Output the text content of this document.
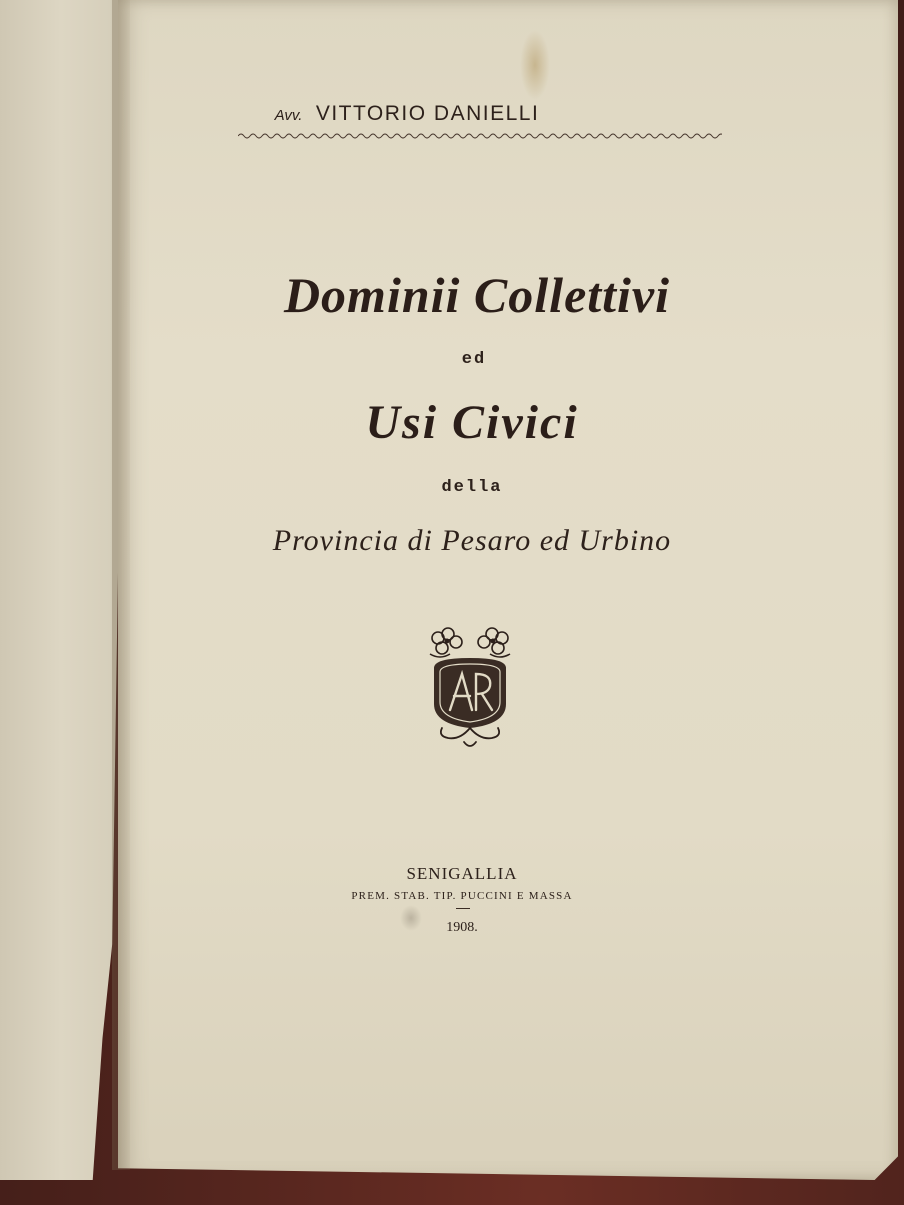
Avv. VITTORIO DANIELLI
Dominii Collettivi
ed
Usi Civici
della
Provincia di Pesaro ed Urbino
SENIGALLIA
PREM. STAB. TIP. PUCCINI E MASSA
1908.
